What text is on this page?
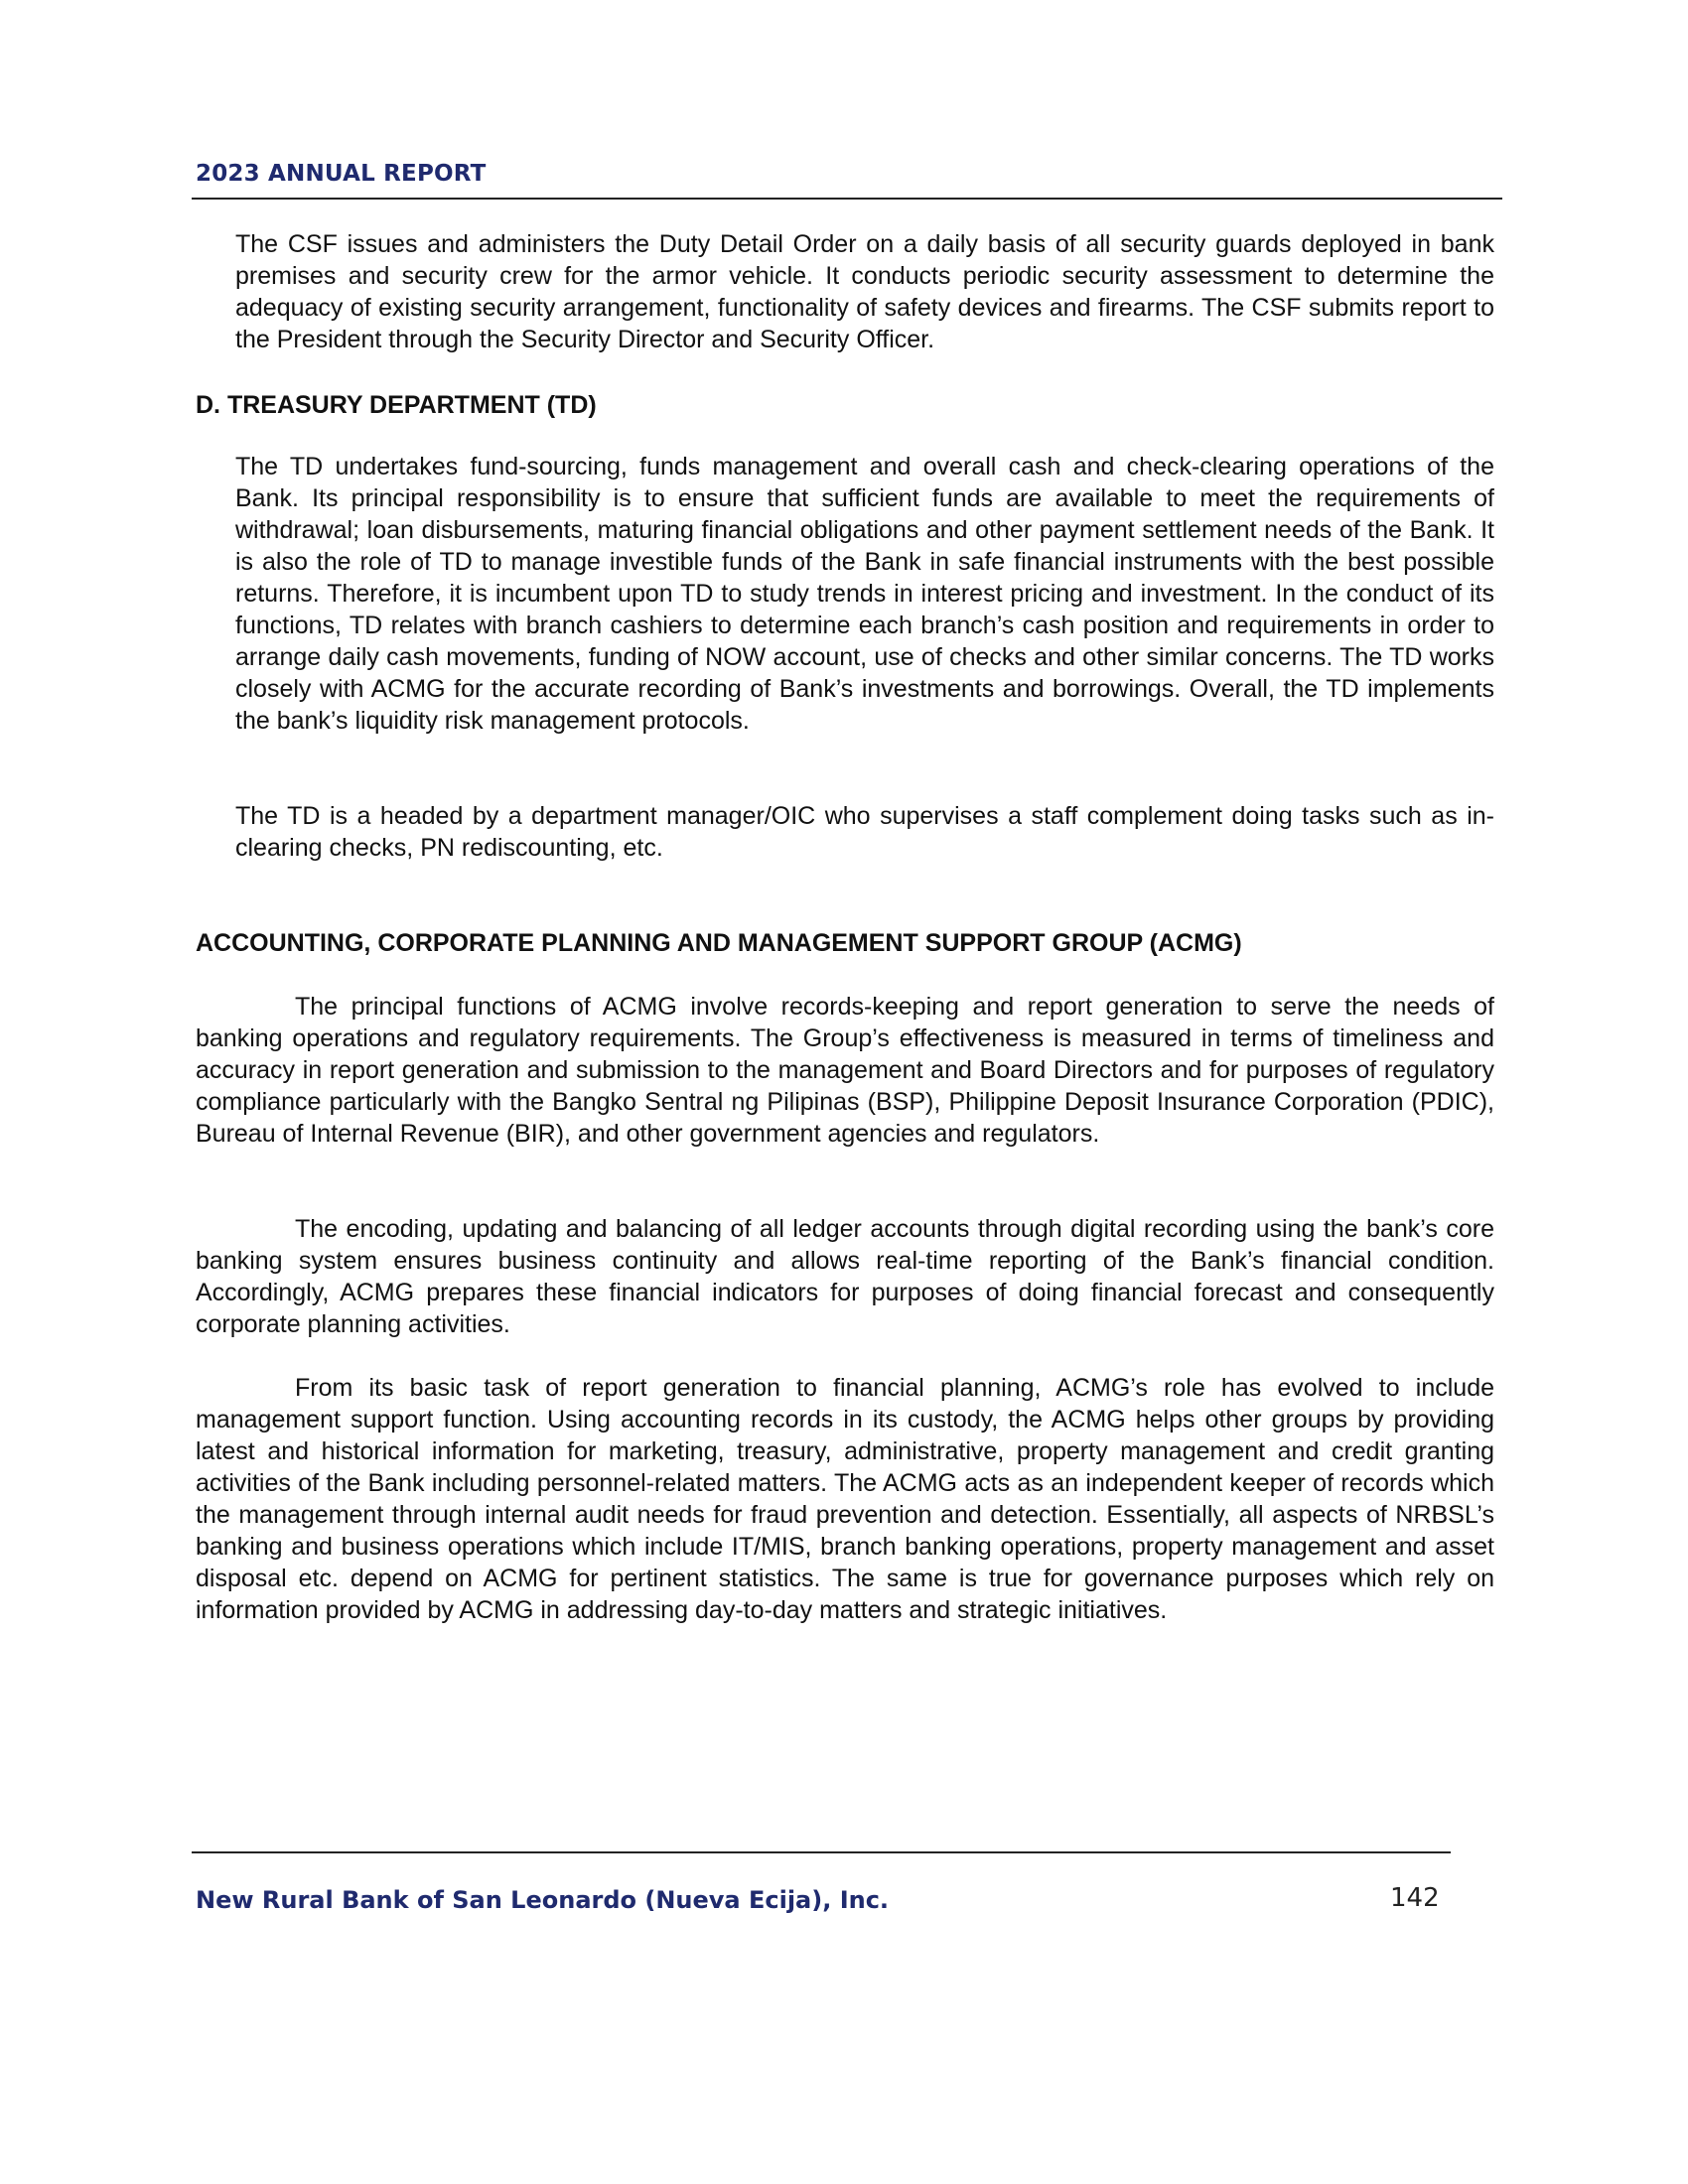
2023 ANNUAL REPORT

The CSF issues and administers the Duty Detail Order on a daily basis of all security guards deployed in bank premises and security crew for the armor vehicle. It conducts periodic security assessment to determine the adequacy of existing security arrangement, functionality of safety devices and firearms. The CSF submits report to the President through the Security Director and Security Officer.

D. TREASURY DEPARTMENT (TD)

The TD undertakes fund-sourcing, funds management and overall cash and check-clearing operations of the Bank. Its principal responsibility is to ensure that sufficient funds are available to meet the requirements of withdrawal; loan disbursements, maturing financial obligations and other payment settlement needs of the Bank. It is also the role of TD to manage investible funds of the Bank in safe financial instruments with the best possible returns. Therefore, it is incumbent upon TD to study trends in interest pricing and investment. In the conduct of its functions, TD relates with branch cashiers to determine each branch’s cash position and requirements in order to arrange daily cash movements, funding of NOW account, use of checks and other similar concerns. The TD works closely with ACMG for the accurate recording of Bank’s investments and borrowings. Overall, the TD implements the bank’s liquidity risk management protocols.

The TD is a headed by a department manager/OIC who supervises a staff complement doing tasks such as in-clearing checks, PN rediscounting, etc.

ACCOUNTING, CORPORATE PLANNING AND MANAGEMENT SUPPORT GROUP (ACMG)

The principal functions of ACMG involve records-keeping and report generation to serve the needs of banking operations and regulatory requirements. The Group’s effectiveness is measured in terms of timeliness and accuracy in report generation and submission to the management and Board Directors and for purposes of regulatory compliance particularly with the Bangko Sentral ng Pilipinas (BSP), Philippine Deposit Insurance Corporation (PDIC), Bureau of Internal Revenue (BIR), and other government agencies and regulators.

The encoding, updating and balancing of all ledger accounts through digital recording using the bank’s core banking system ensures business continuity and allows real-time reporting of the Bank’s financial condition. Accordingly, ACMG prepares these financial indicators for purposes of doing financial forecast and consequently corporate planning activities.

From its basic task of report generation to financial planning, ACMG’s role has evolved to include management support function. Using accounting records in its custody, the ACMG helps other groups by providing latest and historical information for marketing, treasury, administrative, property management and credit granting activities of the Bank including personnel-related matters. The ACMG acts as an independent keeper of records which the management through internal audit needs for fraud prevention and detection. Essentially, all aspects of NRBSL’s banking and business operations which include IT/MIS, branch banking operations, property management and asset disposal etc. depend on ACMG for pertinent statistics. The same is true for governance purposes which rely on information provided by ACMG in addressing day-to-day matters and strategic initiatives.

New Rural Bank of San Leonardo (Nueva Ecija), Inc.	142
